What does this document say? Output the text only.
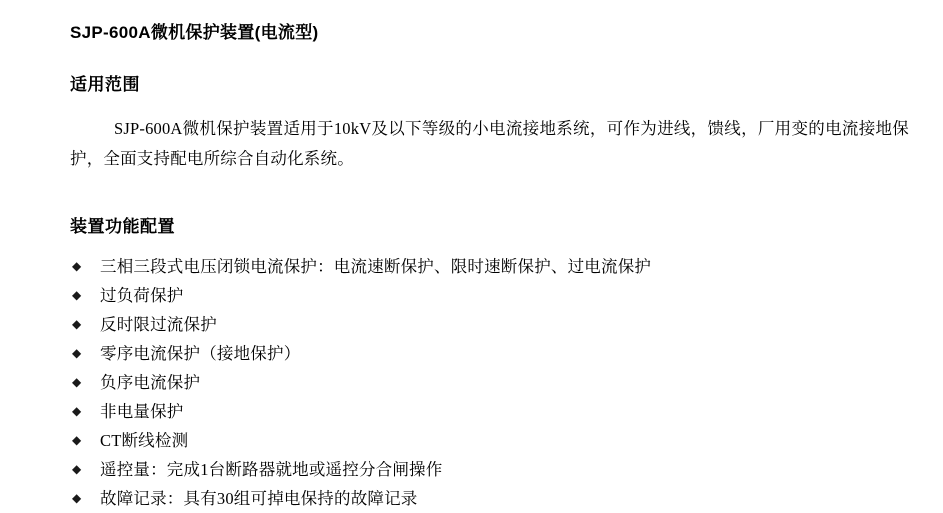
SJP-600A微机保护装置(电流型)
适用范围

SJP-600A微机保护装置适用于10kV及以下等级的小电流接地系统，可作为进线，馈线，厂用变的电流接地保护，全面支持配电所综合自动化系统。

装置功能配置
◆	三相三段式电压闭锁电流保护：电流速断保护、限时速断保护、过电流保护
◆	过负荷保护
◆	反时限过流保护
◆	零序电流保护（接地保护）
◆	负序电流保护
◆	非电量保护
◆	CT断线检测
◆	遥控量：完成1台断路器就地或遥控分合闸操作
◆	故障记录：具有30组可掉电保持的故障记录
